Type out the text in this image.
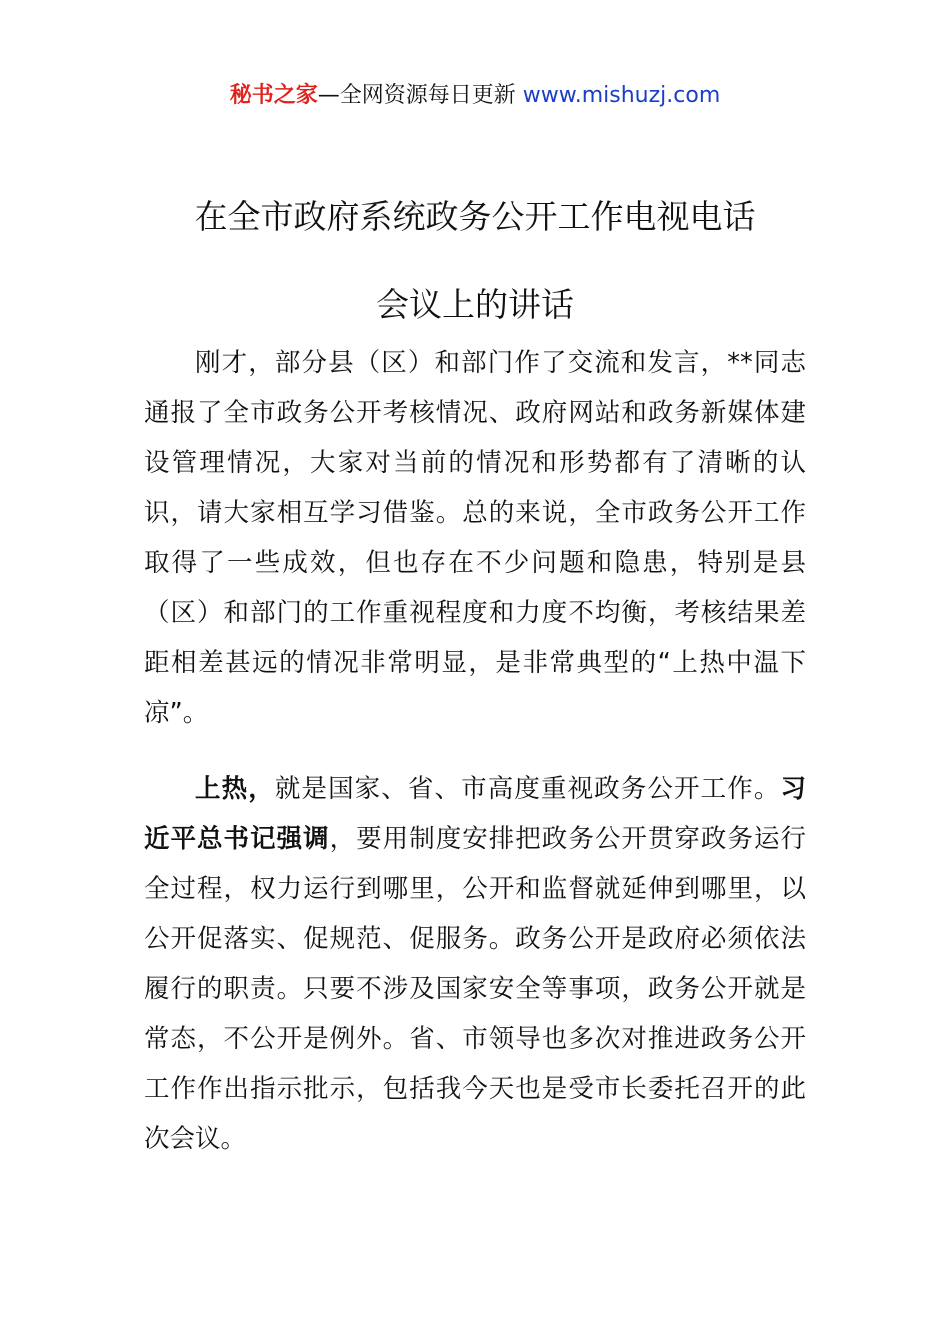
秘书之家—全网资源每日更新 www.mishuzj.com
在全市政府系统政务公开工作电视电话
会议上的讲话

刚才，部分县（区）和部门作了交流和发言，**同志通报了全市政务公开考核情况、政府网站和政务新媒体建设管理情况，大家对当前的情况和形势都有了清晰的认识，请大家相互学习借鉴。总的来说，全市政务公开工作取得了一些成效，但也存在不少问题和隐患，特别是县（区）和部门的工作重视程度和力度不均衡，考核结果差距相差甚远的情况非常明显，是非常典型的“上热中温下凉”。

上热，就是国家、省、市高度重视政务公开工作。习近平总书记强调，要用制度安排把政务公开贯穿政务运行全过程，权力运行到哪里，公开和监督就延伸到哪里，以公开促落实、促规范、促服务。政务公开是政府必须依法履行的职责。只要不涉及国家安全等事项，政务公开就是常态，不公开是例外。省、市领导也多次对推进政务公开工作作出指示批示，包括我今天也是受市长委托召开的此次会议。
